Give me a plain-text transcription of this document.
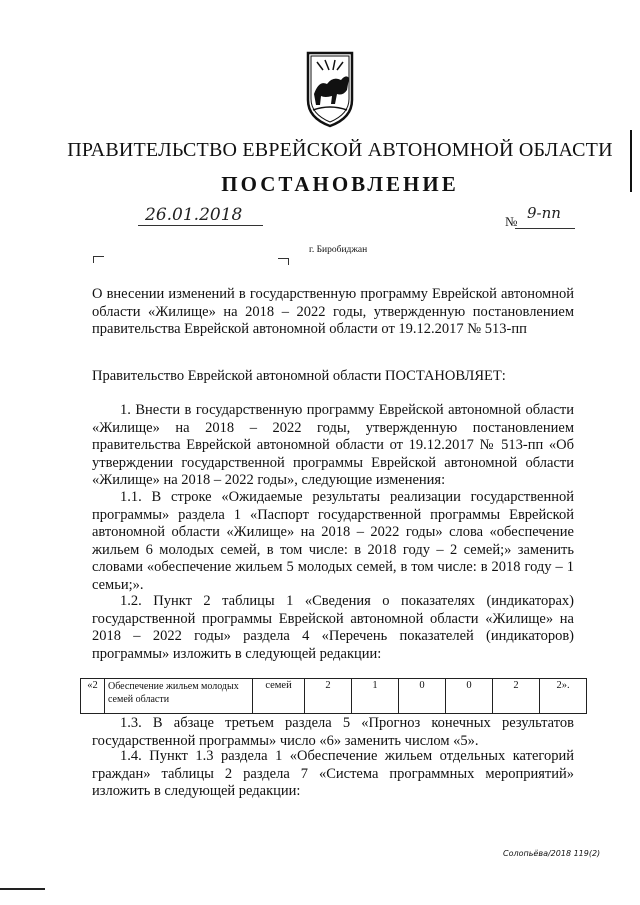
ПРАВИТЕЛЬСТВО ЕВРЕЙСКОЙ АВТОНОМНОЙ ОБЛАСТИ
ПОСТАНОВЛЕНИЕ
26.01.2018	№ 9-пп
г. Биробиджан
О внесении изменений в государственную программу Еврейской автономной области «Жилище» на 2018 – 2022 годы, утвержденную постановлением правительства Еврейской автономной области от 19.12.2017 № 513-пп
Правительство Еврейской автономной области ПОСТАНОВЛЯЕТ:
1. Внести в государственную программу Еврейской автономной области «Жилище» на 2018 – 2022 годы, утвержденную постановлением правительства Еврейской автономной области от 19.12.2017 № 513-пп «Об утверждении государственной программы Еврейской автономной области «Жилище» на 2018 – 2022 годы», следующие изменения:
1.1. В строке «Ожидаемые результаты реализации государственной программы» раздела 1 «Паспорт государственной программы Еврейской автономной области «Жилище» на 2018 – 2022 годы» слова «обеспечение жильем 6 молодых семей, в том числе: в 2018 году – 2 семей;» заменить словами «обеспечение жильем 5 молодых семей, в том числе: в 2018 году – 1 семьи;».
1.2. Пункт 2 таблицы 1 «Сведения о показателях (индикаторах) государственной программы Еврейской автономной области «Жилище» на 2018 – 2022 годы» раздела 4 «Перечень показателей (индикаторов) программы» изложить в следующей редакции:
«2	Обеспечение жильем молодых семей области	семей	2	1	0	0	2	2».
1.3. В абзаце третьем раздела 5 «Прогноз конечных результатов государственной программы» число «6» заменить числом «5».
1.4. Пункт 1.3 раздела 1 «Обеспечение жильем отдельных категорий граждан» таблицы 2 раздела 7 «Система программных мероприятий» изложить в следующей редакции:
Солопьёва/2018 119(2)
